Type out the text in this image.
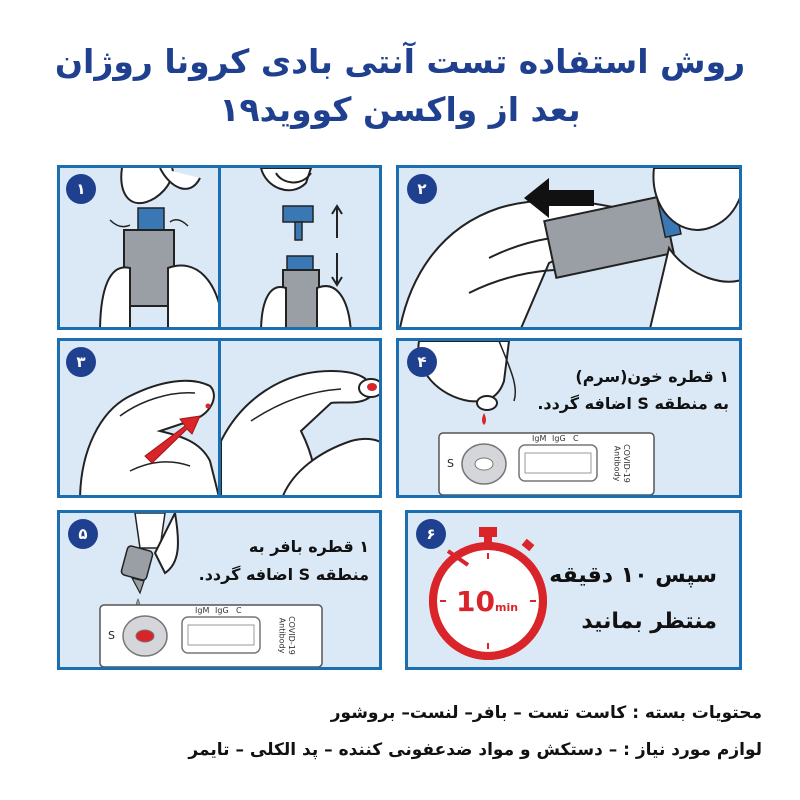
روش استفاده تست آنتی بادی کرونا روژان
بعد از واکسن کووید۱۹
۱	۲
۳	۴
۱ قطره خون(سرم)
به منطقه S اضافه گردد.
S
IgM IgG C
COVID-19
Antibody
۵
۱ قطره بافر به
منطقه S اضافه گردد.
S
IgM IgG C
COVID-19
Antibody
۶
10 min
سپس ۱۰ دقیقه
منتظر بمانید
محتویات بسته : کاست تست – بافر– لنست– بروشور
لوازم مورد نیاز : – دستکش و مواد ضدعفونی کننده – پد الکلی – تایمر
